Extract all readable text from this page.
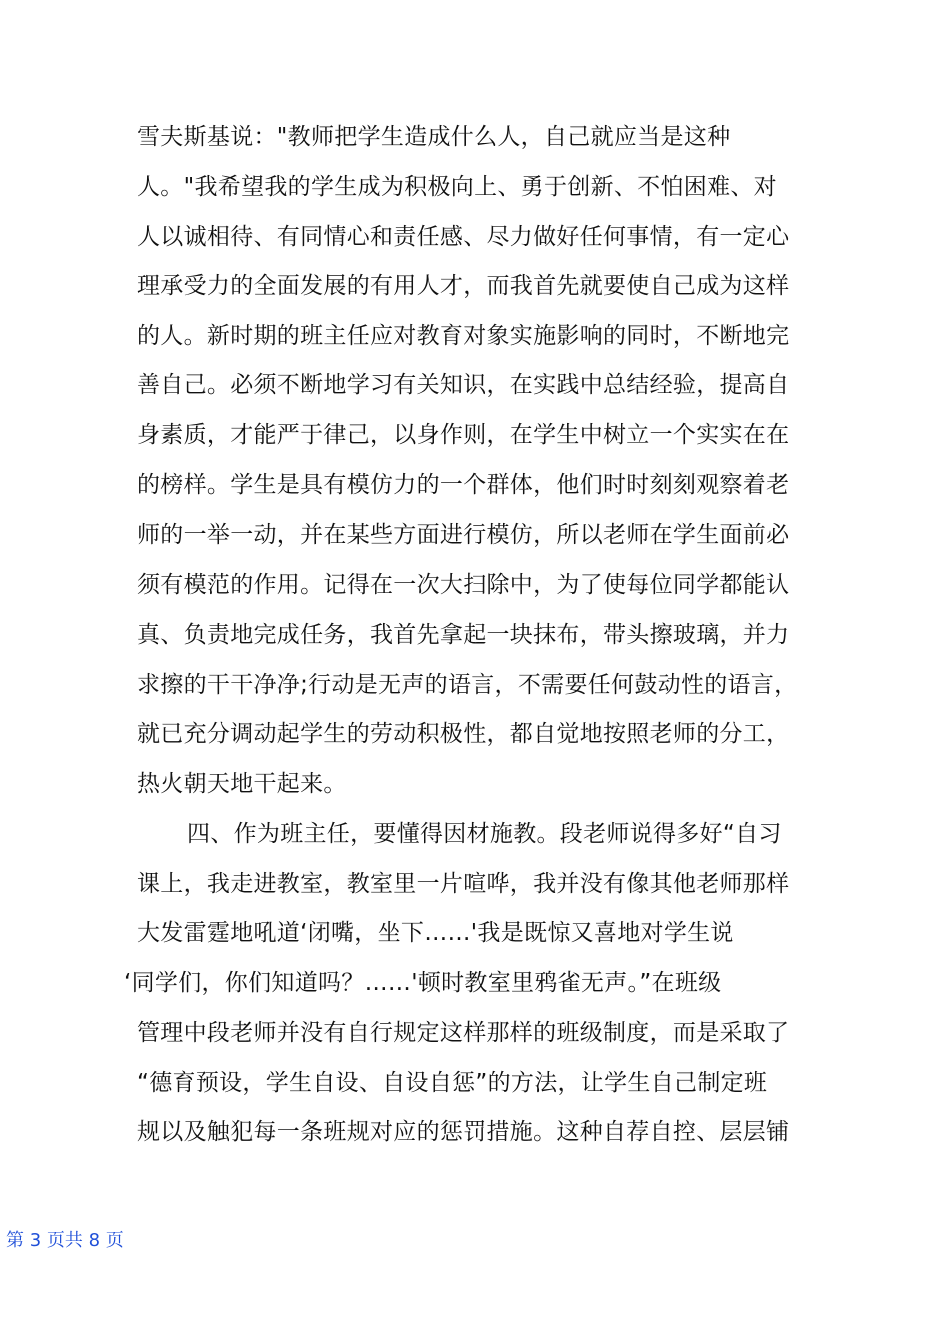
雪夫斯基说："教师把学生造成什么人，自己就应当是这种
人。"我希望我的学生成为积极向上、勇于创新、不怕困难、对
人以诚相待、有同情心和责任感、尽力做好任何事情，有一定心
理承受力的全面发展的有用人才，而我首先就要使自己成为这样
的人。新时期的班主任应对教育对象实施影响的同时，不断地完
善自己。必须不断地学习有关知识，在实践中总结经验，提高自
身素质，才能严于律己，以身作则，在学生中树立一个实实在在
的榜样。学生是具有模仿力的一个群体，他们时时刻刻观察着老
师的一举一动，并在某些方面进行模仿，所以老师在学生面前必
须有模范的作用。记得在一次大扫除中，为了使每位同学都能认
真、负责地完成任务，我首先拿起一块抹布，带头擦玻璃，并力
求擦的干干净净;行动是无声的语言，不需要任何鼓动性的语言，
就已充分调动起学生的劳动积极性，都自觉地按照老师的分工，
热火朝天地干起来。
四、作为班主任，要懂得因材施教。段老师说得多好“自习
课上，我走进教室，教室里一片喧哗，我并没有像其他老师那样
大发雷霆地吼道‘闭嘴，坐下……'我是既惊又喜地对学生说
‘同学们，你们知道吗？……'顿时教室里鸦雀无声。”在班级
管理中段老师并没有自行规定这样那样的班级制度，而是采取了
“德育预设，学生自设、自设自惩”的方法，让学生自己制定班
规以及触犯每一条班规对应的惩罚措施。这种自荐自控、层层铺
第 3 页共 8 页
